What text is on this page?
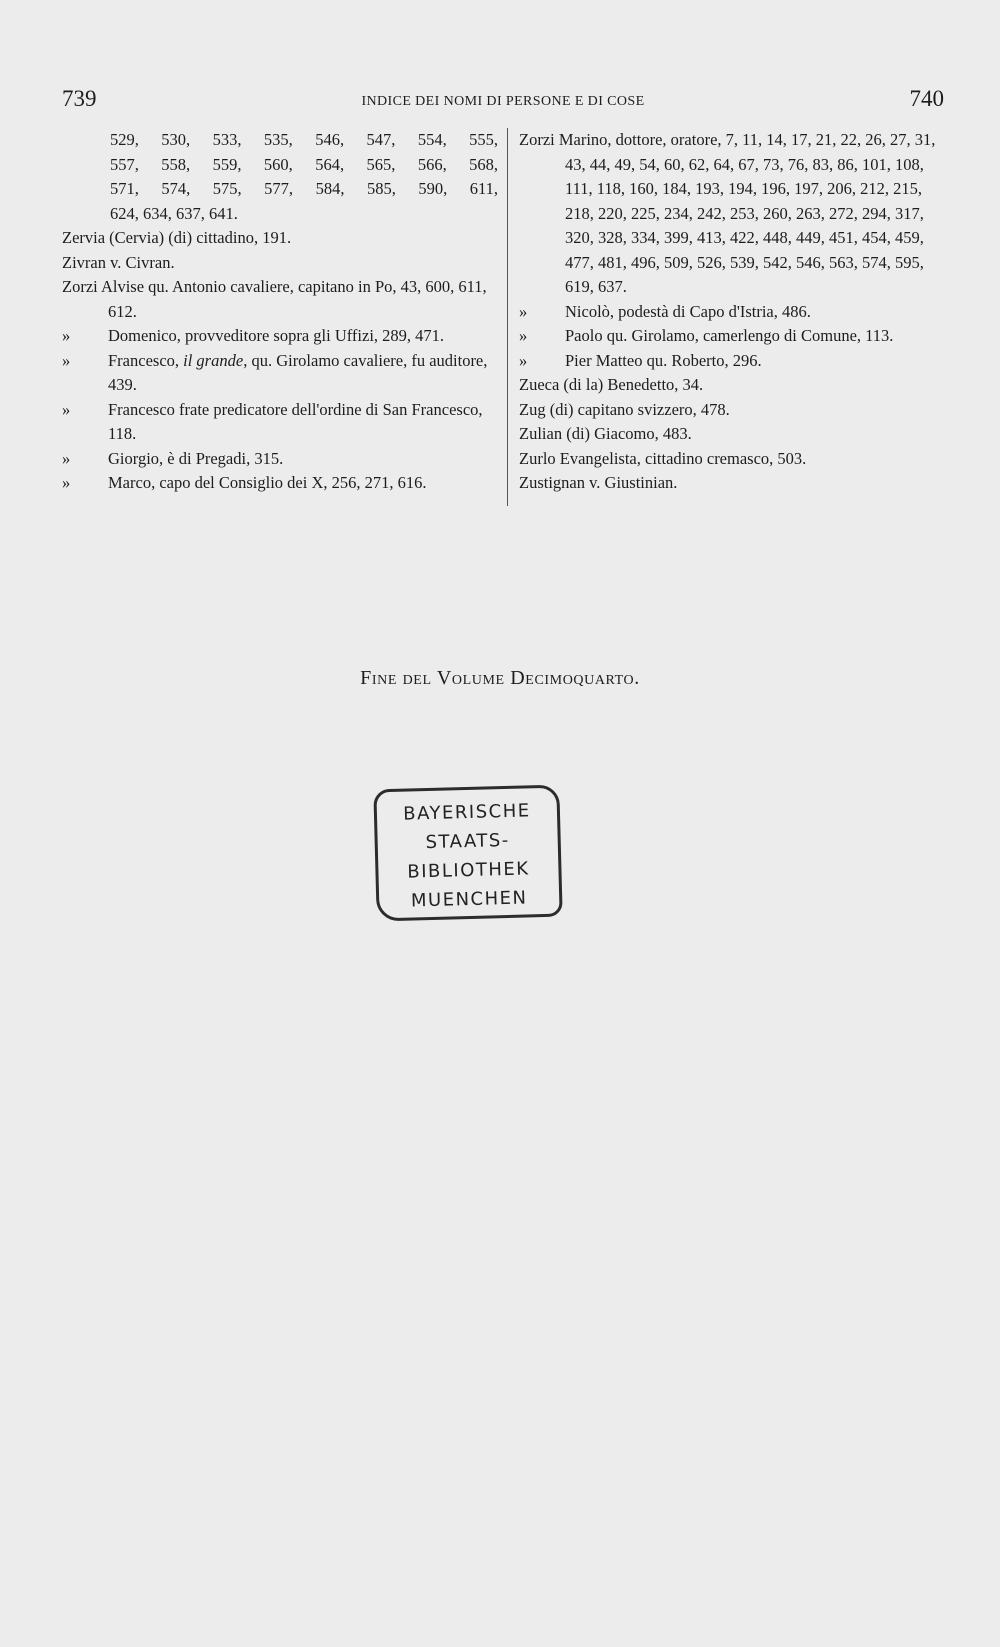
739	INDICE DEI NOMI DI PERSONE E DI COSE	740
529, 530, 533, 535, 546, 547, 554, 555,
557, 558, 559, 560, 564, 565, 566, 568,
571, 574, 575, 577, 584, 585, 590, 611,
624, 634, 637, 641.
Zervia (Cervia) (di) cittadino, 191.
Zivran v. Civran.
Zorzi Alvise qu. Antonio cavaliere, capitano in Po, 43, 600, 611, 612.
» Domenico, provveditore sopra gli Uffizi, 289, 471.
» Francesco, il grande, qu. Girolamo cavaliere, fu auditore, 439.
» Francesco frate predicatore dell'ordine di San Francesco, 118.
» Giorgio, è di Pregadi, 315.
» Marco, capo del Consiglio dei X, 256, 271, 616.
Zorzi Marino, dottore, oratore, 7, 11, 14, 17, 21, 22, 26, 27, 31, 43, 44, 49, 54, 60, 62, 64, 67, 73, 76, 83, 86, 101, 108, 111, 118, 160, 184, 193, 194, 196, 197, 206, 212, 215, 218, 220, 225, 234, 242, 253, 260, 263, 272, 294, 317, 320, 328, 334, 399, 413, 422, 448, 449, 451, 454, 459, 477, 481, 496, 509, 526, 539, 542, 546, 563, 574, 595, 619, 637.
» Nicolò, podestà di Capo d'Istria, 486.
» Paolo qu. Girolamo, camerlengo di Comune, 113.
» Pier Matteo qu. Roberto, 296.
Zueca (di la) Benedetto, 34.
Zug (di) capitano svizzero, 478.
Zulian (di) Giacomo, 483.
Zurlo Evangelista, cittadino cremasco, 503.
Zustignan v. Giustinian.
Fine del Volume Decimoquarto.
BAYERISCHE
STAATS-
BIBLIOTHEK
MUENCHEN
